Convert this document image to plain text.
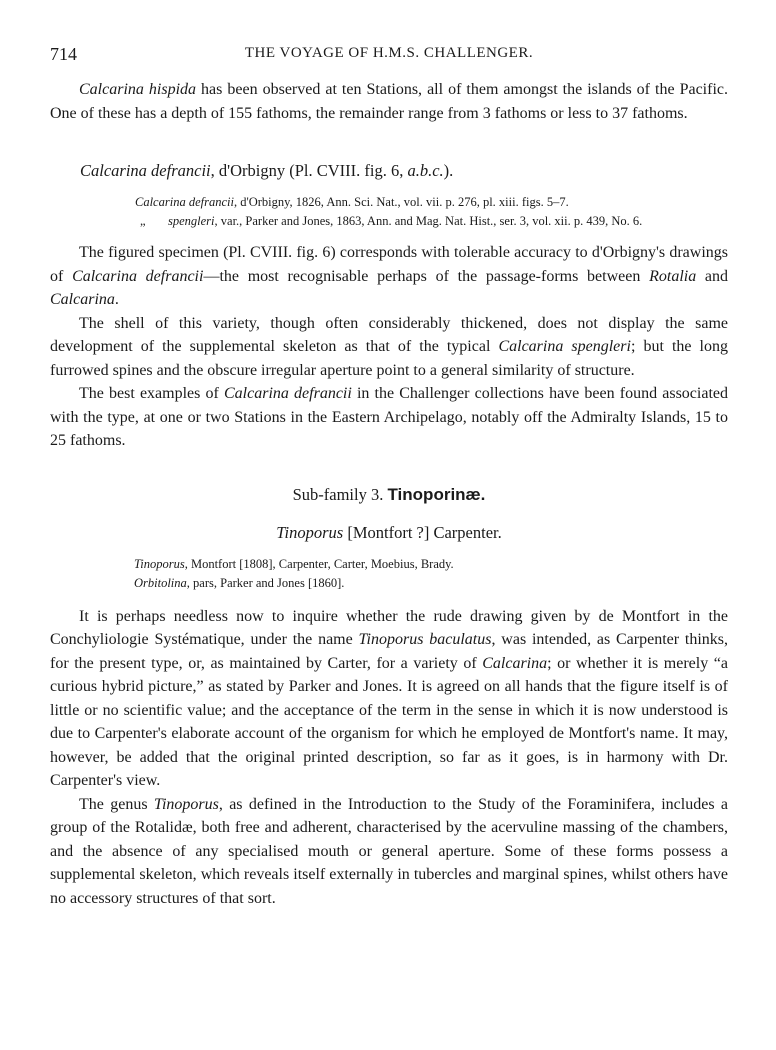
714	THE VOYAGE OF H.M.S. CHALLENGER.

Calcarina hispida has been observed at ten Stations, all of them amongst the islands of the Pacific. One of these has a depth of 155 fathoms, the remainder range from 3 fathoms or less to 37 fathoms.

Calcarina defrancii, d'Orbigny (Pl. CVIII. fig. 6, a.b.c.).
Calcarina defrancii, d'Orbigny, 1826, Ann. Sci. Nat., vol. vii. p. 276, pl. xiii. figs. 5–7.
„ spengleri, var., Parker and Jones, 1863, Ann. and Mag. Nat. Hist., ser. 3, vol. xii. p. 439, No. 6.

The figured specimen (Pl. CVIII. fig. 6) corresponds with tolerable accuracy to d'Orbigny's drawings of Calcarina defrancii—the most recognisable perhaps of the passage-forms between Rotalia and Calcarina.

The shell of this variety, though often considerably thickened, does not display the same development of the supplemental skeleton as that of the typical Calcarina spengleri; but the long furrowed spines and the obscure irregular aperture point to a general similarity of structure.

The best examples of Calcarina defrancii in the Challenger collections have been found associated with the type, at one or two Stations in the Eastern Archipelago, notably off the Admiralty Islands, 15 to 25 fathoms.

Sub-family 3. Tinoporinæ.
Tinoporus [Montfort ?] Carpenter.
Tinoporus, Montfort [1808], Carpenter, Carter, Moebius, Brady.
Orbitolina, pars, Parker and Jones [1860].

It is perhaps needless now to inquire whether the rude drawing given by de Montfort in the Conchyliologie Systématique, under the name Tinoporus baculatus, was intended, as Carpenter thinks, for the present type, or, as maintained by Carter, for a variety of Calcarina; or whether it is merely “a curious hybrid picture,” as stated by Parker and Jones. It is agreed on all hands that the figure itself is of little or no scientific value; and the acceptance of the term in the sense in which it is now understood is due to Carpenter's elaborate account of the organism for which he employed de Montfort's name. It may, however, be added that the original printed description, so far as it goes, is in harmony with Dr. Carpenter's view.

The genus Tinoporus, as defined in the Introduction to the Study of the Foraminifera, includes a group of the Rotalidæ, both free and adherent, characterised by the acervuline massing of the chambers, and the absence of any specialised mouth or general aperture. Some of these forms possess a supplemental skeleton, which reveals itself externally in tubercles and marginal spines, whilst others have no accessory structures of that sort.
